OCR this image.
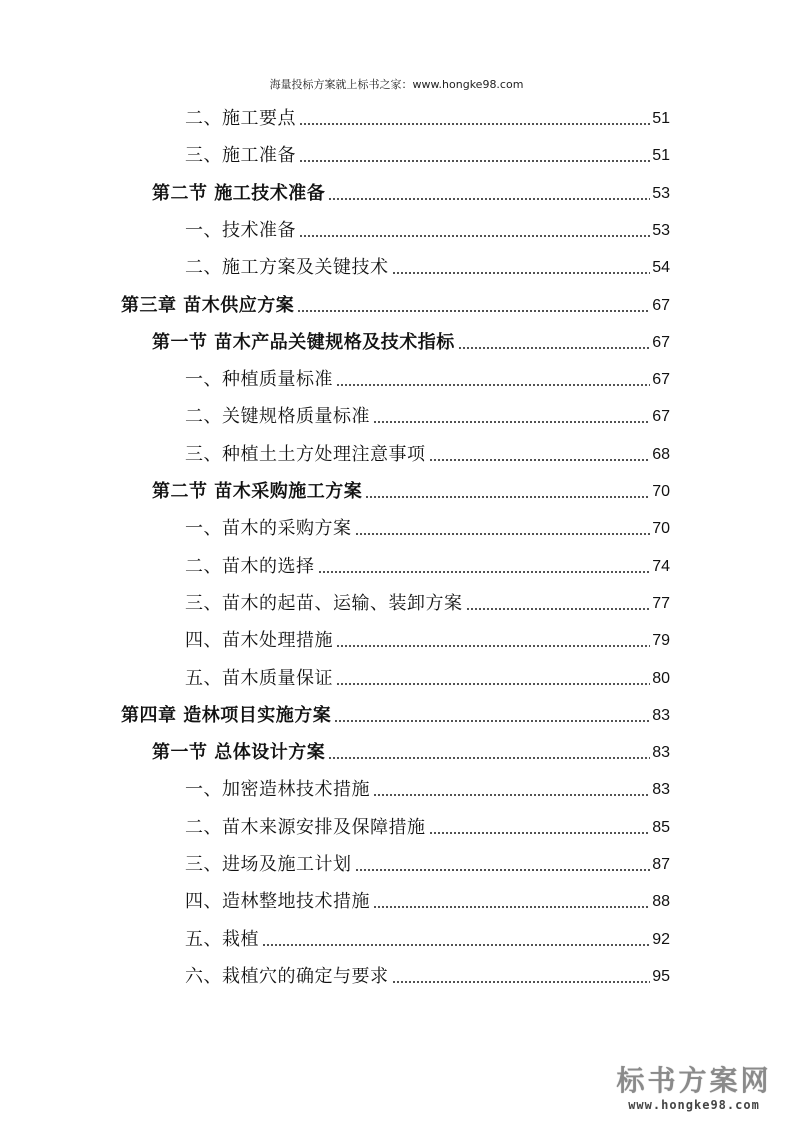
海量投标方案就上标书之家：www.hongke98.com
二、施工要点	51
三、施工准备	51
第二节 施工技术准备	53
一、技术准备	53
二、施工方案及关键技术	54
第三章 苗木供应方案	67
第一节 苗木产品关键规格及技术指标	67
一、种植质量标准	67
二、关键规格质量标准	67
三、种植土土方处理注意事项	68
第二节 苗木采购施工方案	70
一、苗木的采购方案	70
二、苗木的选择	74
三、苗木的起苗、运输、装卸方案	77
四、苗木处理措施	79
五、苗木质量保证	80
第四章 造林项目实施方案	83
第一节 总体设计方案	83
一、加密造林技术措施	83
二、苗木来源安排及保障措施	85
三、进场及施工计划	87
四、造林整地技术措施	88
五、栽植	92
六、栽植穴的确定与要求	95
标书方案网
www.hongke98.com
